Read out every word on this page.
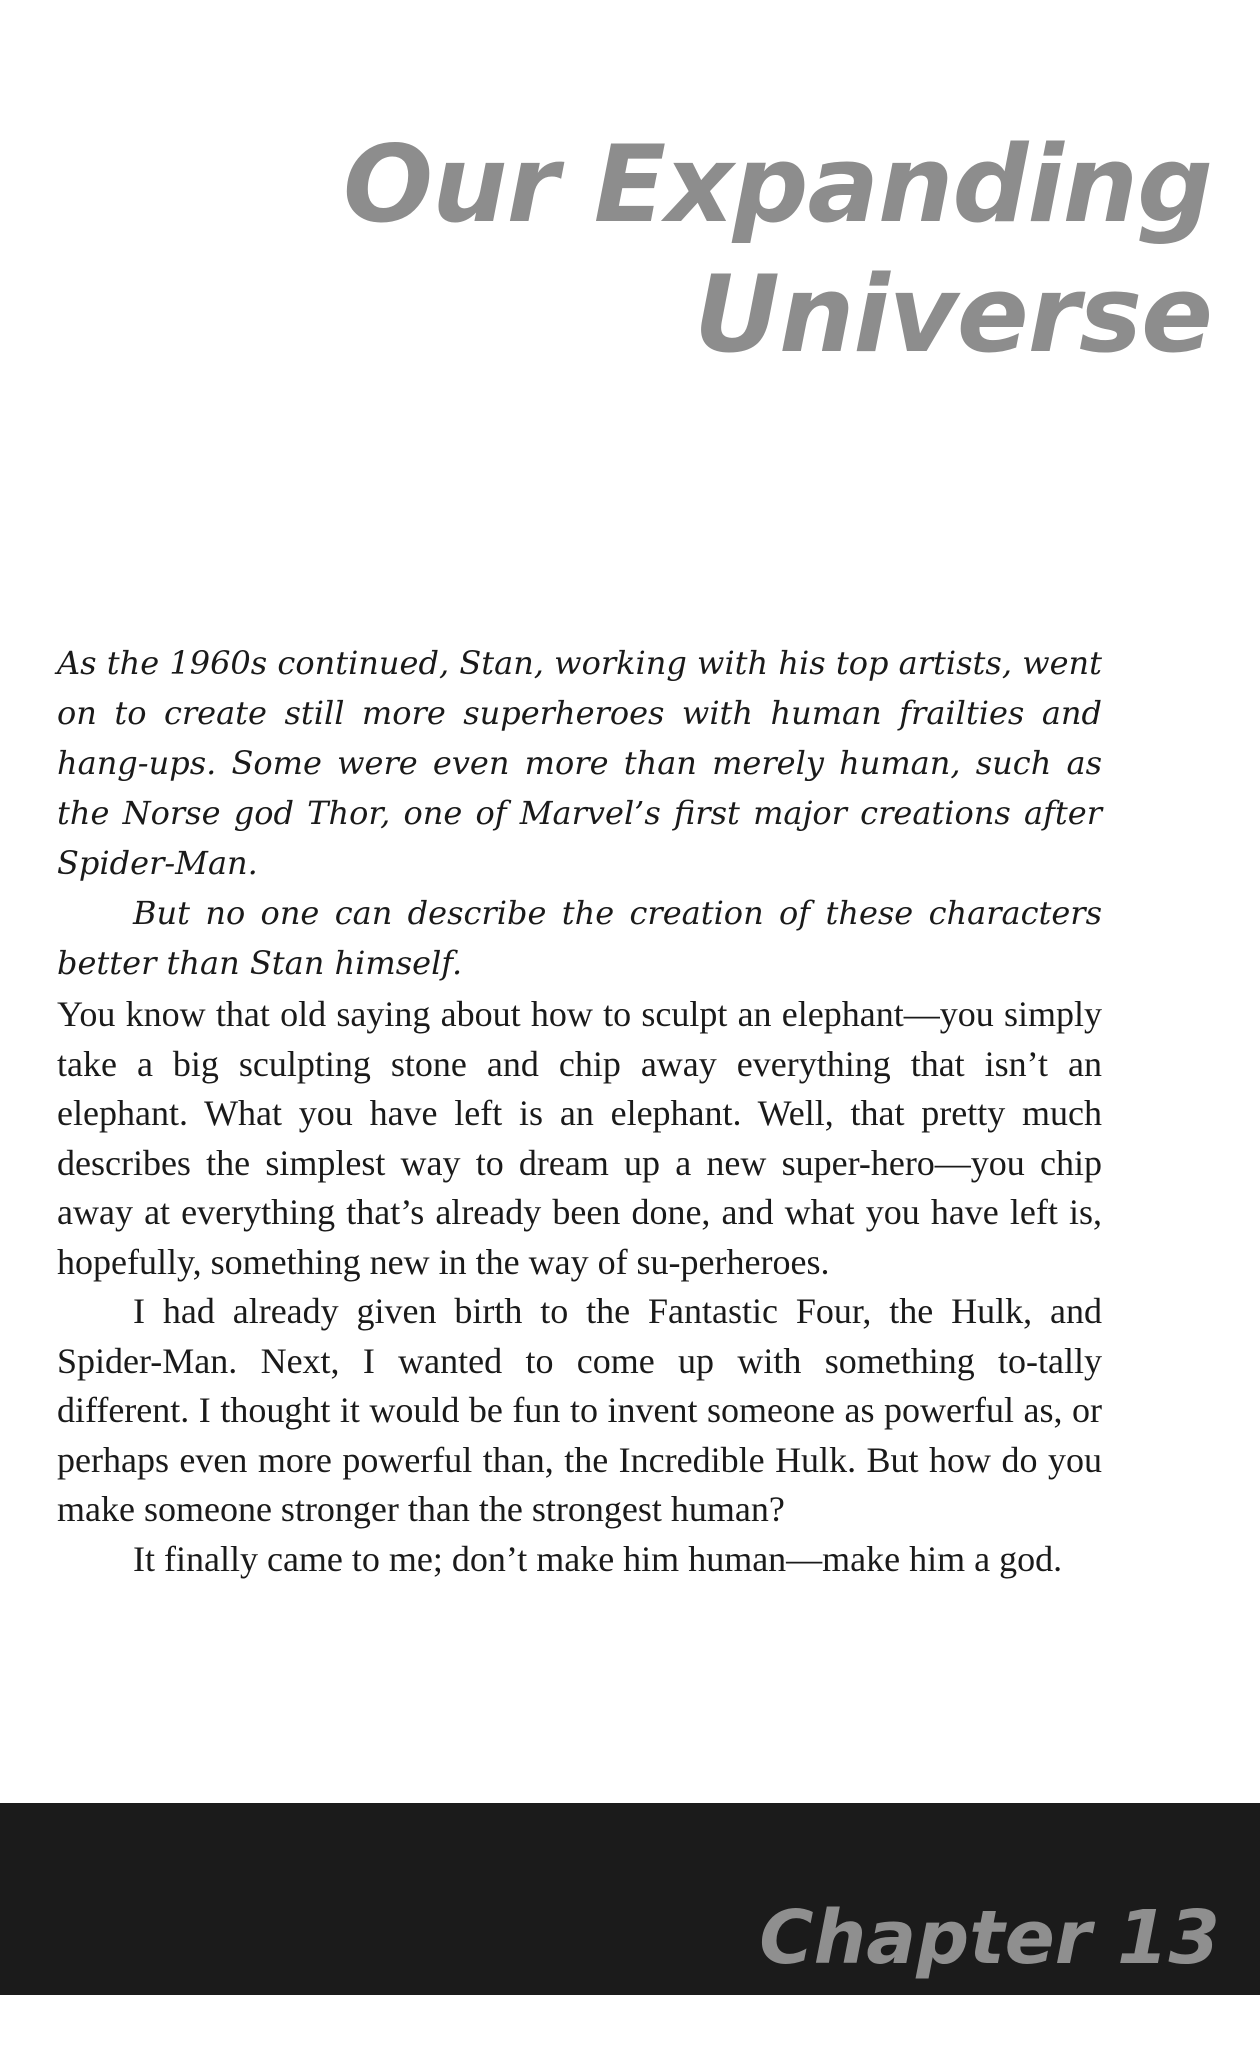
Our Expanding
Universe

As the 1960s continued, Stan, working with his top artists, went on to create still more superheroes with human frailties and hang-ups. Some were even more than merely human, such as the Norse god Thor, one of Marvel’s first major creations after Spider-Man.

But no one can describe the creation of these characters better than Stan himself.

You know that old saying about how to sculpt an elephant—you simply take a big sculpting stone and chip away everything that isn’t an elephant. What you have left is an elephant. Well, that pretty much describes the simplest way to dream up a new super-hero—you chip away at everything that’s already been done, and what you have left is, hopefully, something new in the way of su-perheroes.

I had already given birth to the Fantastic Four, the Hulk, and Spider-Man. Next, I wanted to come up with something to-tally different. I thought it would be fun to invent someone as powerful as, or perhaps even more powerful than, the Incredible Hulk. But how do you make someone stronger than the strongest human?

It finally came to me; don’t make him human—make him a god.

Chapter 13
